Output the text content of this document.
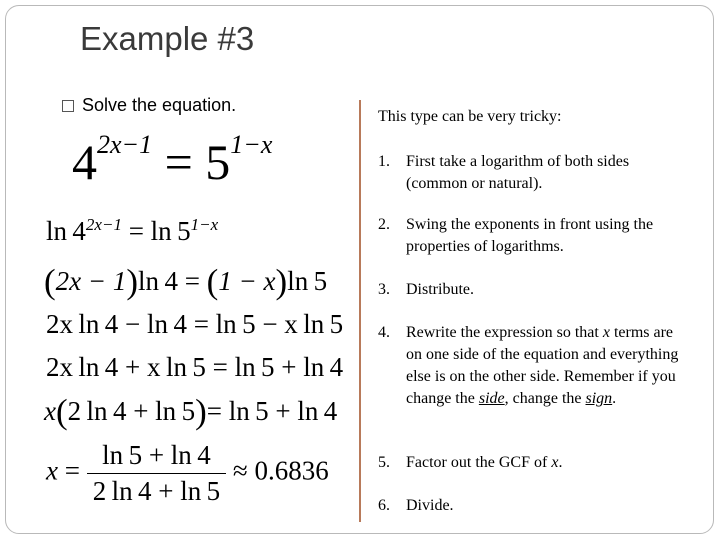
Example #3
Solve the equation.
$4^{2x-1} = 5^{1-x}$
$\ln 4^{2x-1} = \ln 5^{1-x}$
(2x − 1)ln 4 = (1 − x)ln 5
2x ln 4 − ln 4 = ln 5 − x ln 5
2x ln 4 + x ln 5 = ln 5 + ln 4
x(2 ln 4 + ln 5)= ln 5 + ln 4
$x = \frac{\ln 5 + \ln 4}{2 \ln 4 + \ln 5} \approx 0.6836$
This type can be very tricky:
1.	First take a logarithm of both sides (common or natural).
2.	Swing the exponents in front using the properties of logarithms.
3.	Distribute.
4.	Rewrite the expression so that x terms are on one side of the equation and everything else is on the other side. Remember if you change the side, change the sign.
5.	Factor out the GCF of x.
6.	Divide.
